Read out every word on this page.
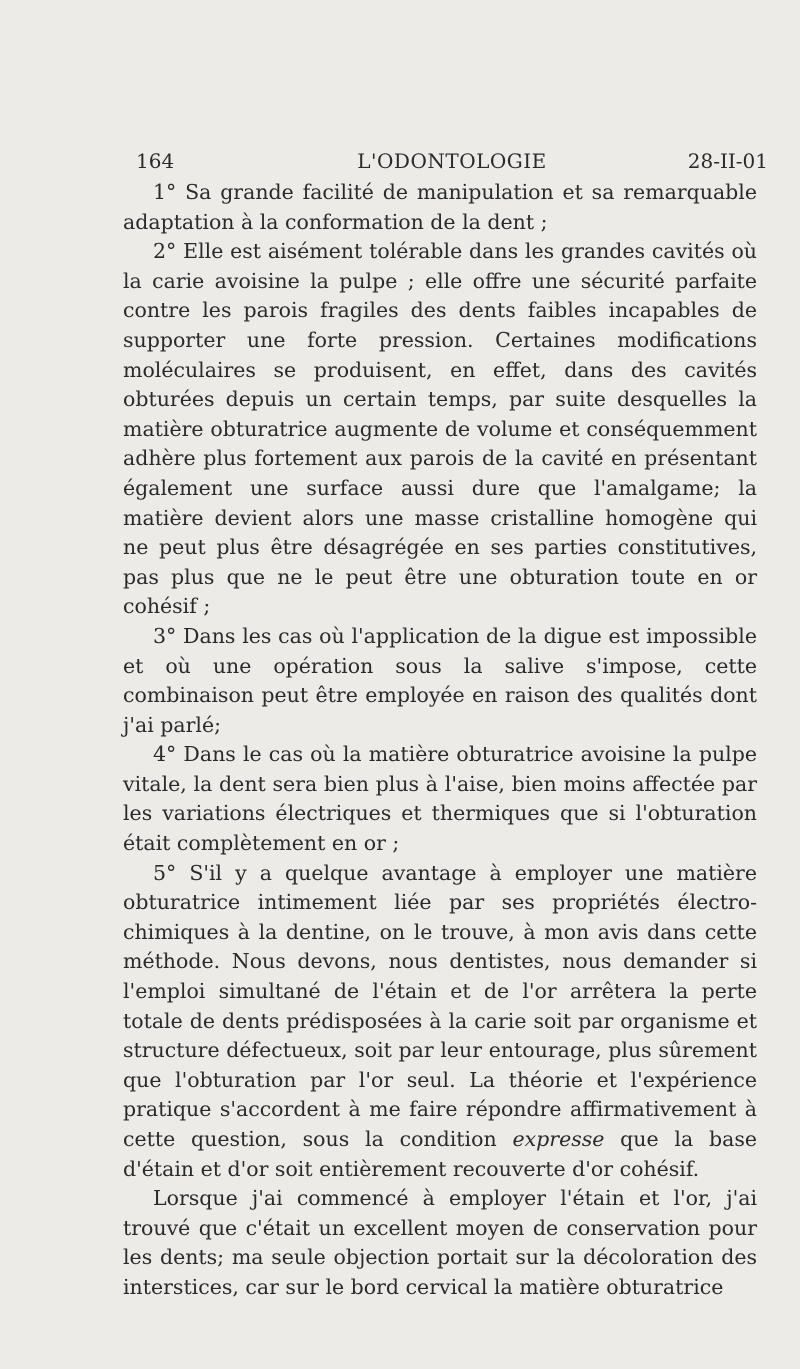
164	L'ODONTOLOGIE	28-II-01

1° Sa grande facilité de manipulation et sa remarquable adaptation à la conformation de la dent ;

2° Elle est aisément tolérable dans les grandes cavités où la carie avoisine la pulpe ; elle offre une sécurité parfaite contre les parois fragiles des dents faibles incapables de supporter une forte pression. Certaines modifications moléculaires se produisent, en effet, dans des cavités obturées depuis un certain temps, par suite desquelles la matière obturatrice augmente de volume et conséquemment adhère plus fortement aux parois de la cavité en présentant également une surface aussi dure que l'amalgame; la matière devient alors une masse cristalline homogène qui ne peut plus être désagrégée en ses parties constitutives, pas plus que ne le peut être une obturation toute en or cohésif ;

3° Dans les cas où l'application de la digue est impossible et où une opération sous la salive s'impose, cette combinaison peut être employée en raison des qualités dont j'ai parlé;

4° Dans le cas où la matière obturatrice avoisine la pulpe vitale, la dent sera bien plus à l'aise, bien moins affectée par les variations électriques et thermiques que si l'obturation était complètement en or ;

5° S'il y a quelque avantage à employer une matière obturatrice intimement liée par ses propriétés électro-chimiques à la dentine, on le trouve, à mon avis dans cette méthode. Nous devons, nous dentistes, nous demander si l'emploi simultané de l'étain et de l'or arrêtera la perte totale de dents prédisposées à la carie soit par organisme et structure défectueux, soit par leur entourage, plus sûrement que l'obturation par l'or seul. La théorie et l'expérience pratique s'accordent à me faire répondre affirmativement à cette question, sous la condition expresse que la base d'étain et d'or soit entièrement recouverte d'or cohésif.

Lorsque j'ai commencé à employer l'étain et l'or, j'ai trouvé que c'était un excellent moyen de conservation pour les dents; ma seule objection portait sur la décoloration des interstices, car sur le bord cervical la matière obturatrice
